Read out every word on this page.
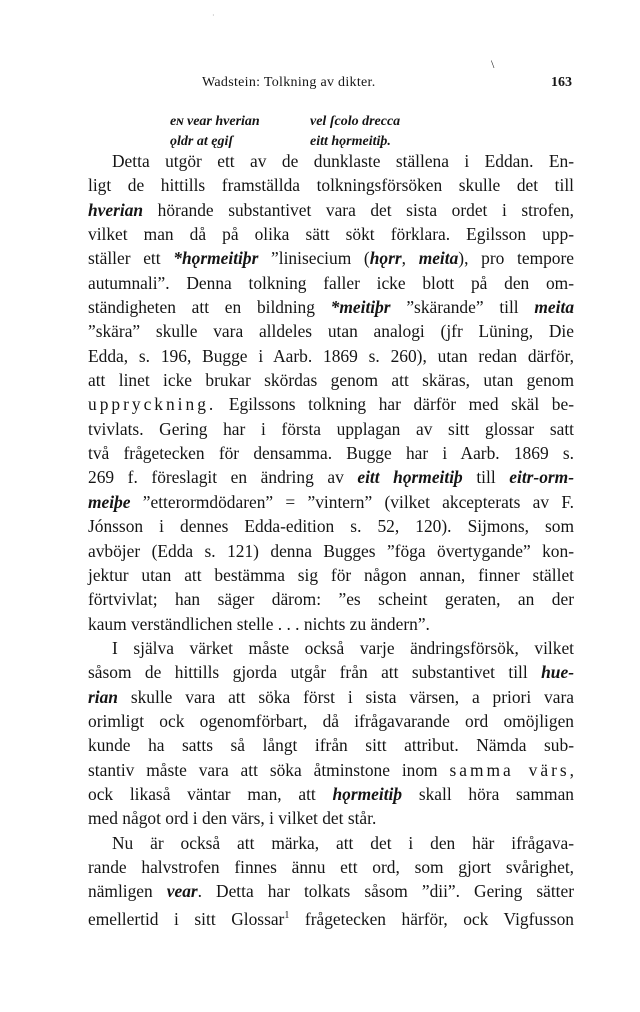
·
\
Wadstein: Tolkning av dikter.	163
eɴ vear hverian	vel ſcolo drecca
ǫldr at ęgiſ	eitt hǫrmeitiþ.
Detta utgör ett av de dunklaste ställena i Eddan. En-
ligt de hittills framställda tolkningsförsöken skulle det till
hverian hörande substantivet vara det sista ordet i strofen,
vilket man då på olika sätt sökt förklara. Egilsson upp-
ställer ett *hǫrmeitiþr ”linisecium (hǫrr, meita), pro tempore
autumnali”. Denna tolkning faller icke blott på den om-
ständigheten att en bildning *meitiþr ”skärande” till meita
”skära” skulle vara alldeles utan analogi (jfr Lüning, Die
Edda, s. 196, Bugge i Aarb. 1869 s. 260), utan redan därför,
att linet icke brukar skördas genom att skäras, utan genom
uppryckning. Egilssons tolkning har därför med skäl be-
tvivlats. Gering har i första upplagan av sitt glossar satt
två frågetecken för densamma. Bugge har i Aarb. 1869 s.
269 f. föreslagit en ändring av eitt hǫrmeitiþ till eitr-orm-
meiþe ”etterormdödaren” = ”vintern” (vilket akcepterats av F.
Jónsson i dennes Edda-edition s. 52, 120). Sijmons, som
avböjer (Edda s. 121) denna Bugges ”föga övertygande” kon-
jektur utan att bestämma sig för någon annan, finner stället
förtvivlat; han säger därom: ”es scheint geraten, an der
kaum verständlichen stelle . . . nichts zu ändern”.
I själva värket måste också varje ändringsförsök, vilket
såsom de hittills gjorda utgår från att substantivet till hue-
rian skulle vara att söka först i sista värsen, a priori vara
orimligt ock ogenomförbart, då ifrågavarande ord omöjligen
kunde ha satts så långt ifrån sitt attribut. Nämda sub-
stantiv måste vara att söka åtminstone inom samma värs,
ock likaså väntar man, att hǫrmeitiþ skall höra samman
med något ord i den värs, i vilket det står.
Nu är också att märka, att det i den här ifrågava-
rande halvstrofen finnes ännu ett ord, som gjort svårighet,
nämligen vear. Detta har tolkats såsom ”dii”. Gering sätter
emellertid i sitt Glossar$^1$ frågetecken härför, ock Vigfusson
